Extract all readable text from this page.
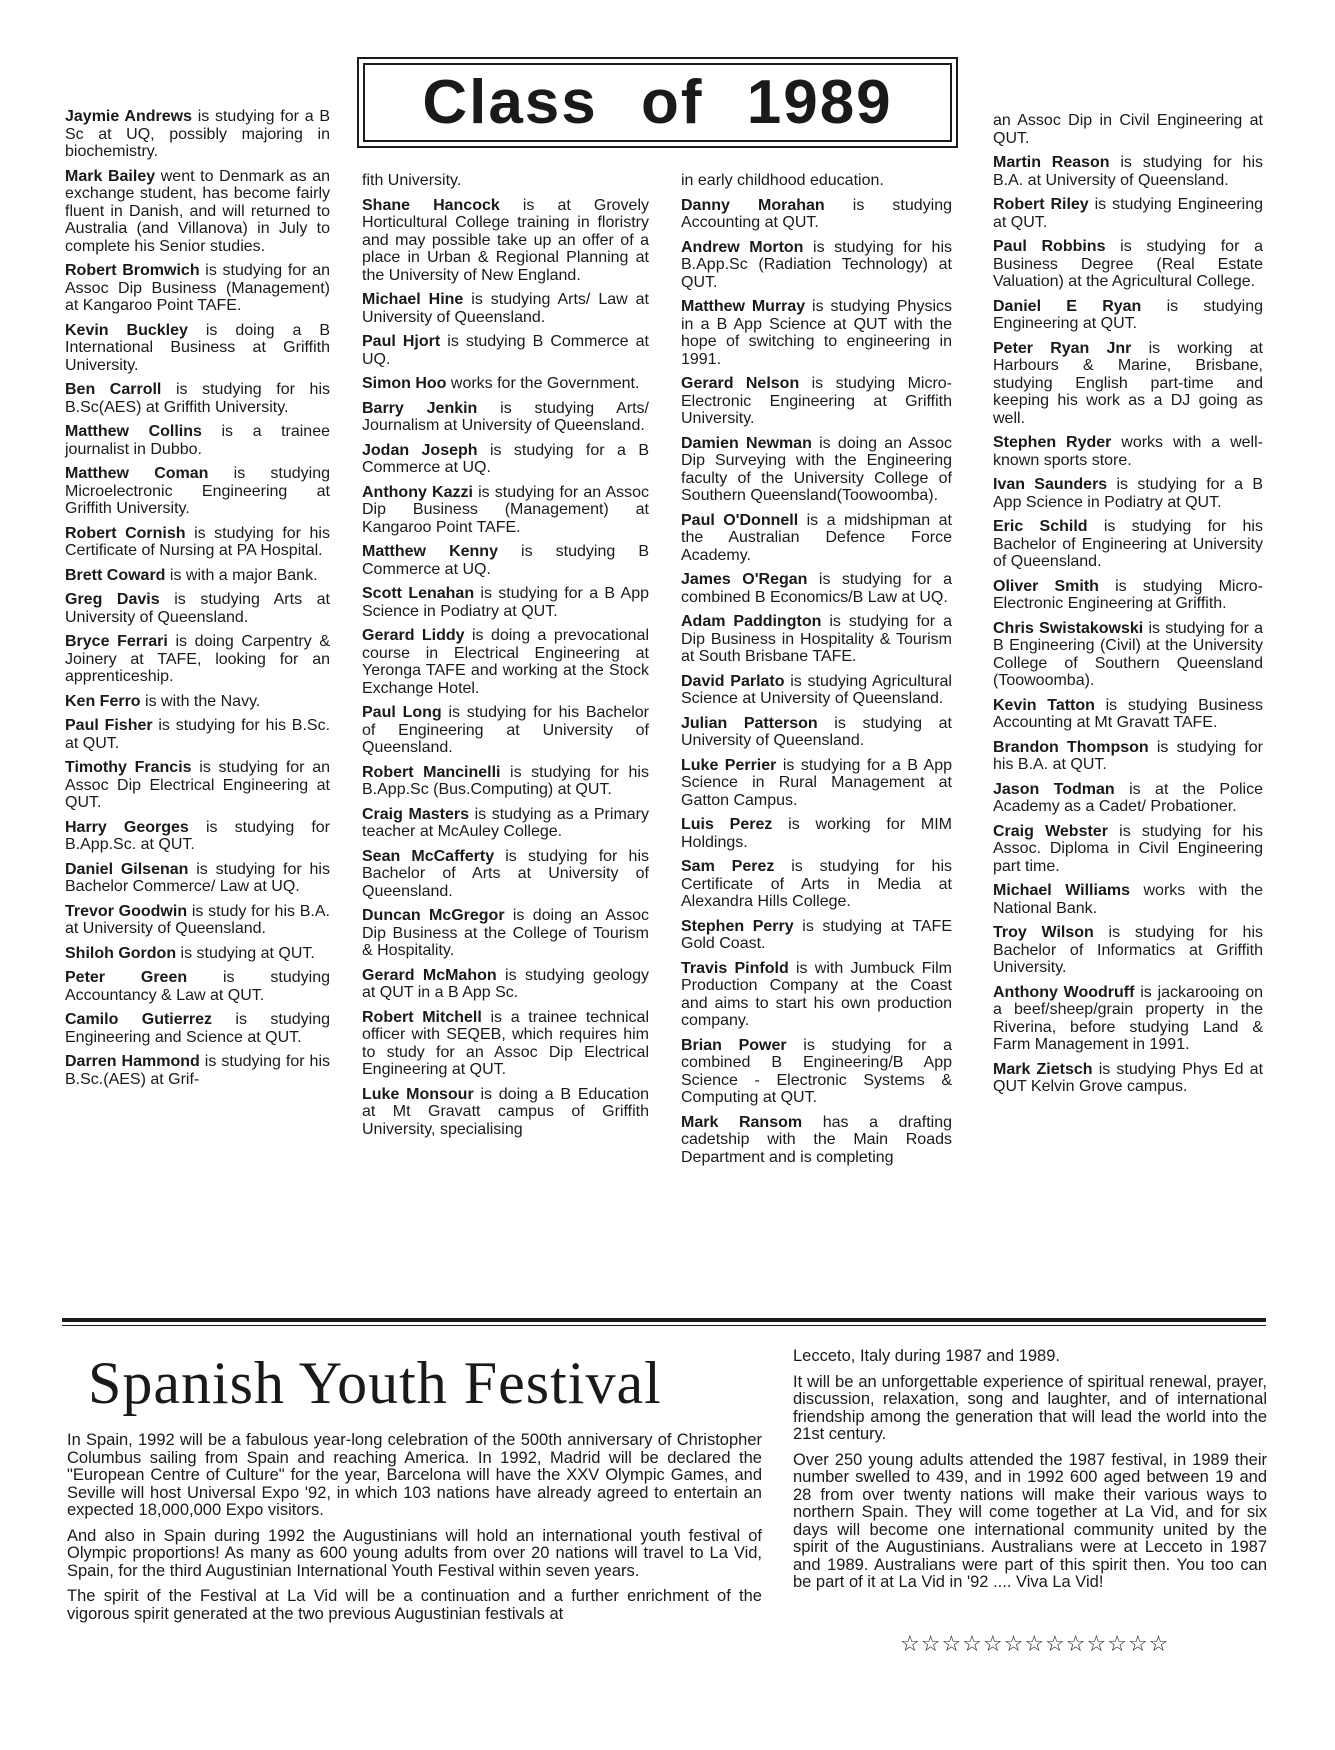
Class of 1989

Jaymie Andrews is studying for a B Sc at UQ, possibly majoring in biochemistry.

Mark Bailey went to Denmark as an exchange student, has become fairly fluent in Danish, and will returned to Australia (and Villanova) in July to complete his Senior studies.

Robert Bromwich is studying for an Assoc Dip Business (Management) at Kangaroo Point TAFE.

Kevin Buckley is doing a B International Business at Griffith University.

Ben Carroll is studying for his B.Sc(AES) at Griffith University.

Matthew Collins is a trainee journalist in Dubbo.

Matthew Coman is studying Microelectronic Engineering at Griffith University.

Robert Cornish is studying for his Certificate of Nursing at PA Hospital.

Brett Coward is with a major Bank.

Greg Davis is studying Arts at University of Queensland.

Bryce Ferrari is doing Carpentry & Joinery at TAFE, looking for an apprenticeship.

Ken Ferro is with the Navy.

Paul Fisher is studying for his B.Sc. at QUT.

Timothy Francis is studying for an Assoc Dip Electrical Engineering at QUT.

Harry Georges is studying for B.App.Sc. at QUT.

Daniel Gilsenan is studying for his Bachelor Commerce/ Law at UQ.

Trevor Goodwin is study for his B.A. at University of Queensland.

Shiloh Gordon is studying at QUT.

Peter Green is studying Accountancy & Law at QUT.

Camilo Gutierrez is studying Engineering and Science at QUT.

Darren Hammond is studying for his B.Sc.(AES) at Grif-

fith University.

Shane Hancock is at Grovely Horticultural College training in floristry and may possible take up an offer of a place in Urban & Regional Planning at the University of New England.

Michael Hine is studying Arts/ Law at University of Queensland.

Paul Hjort is studying B Commerce at UQ.

Simon Hoo works for the Government.

Barry Jenkin is studying Arts/ Journalism at University of Queensland.

Jodan Joseph is studying for a B Commerce at UQ.

Anthony Kazzi is studying for an Assoc Dip Business (Management) at Kangaroo Point TAFE.

Matthew Kenny is studying B Commerce at UQ.

Scott Lenahan is studying for a B App Science in Podiatry at QUT.

Gerard Liddy is doing a prevocational course in Electrical Engineering at Yeronga TAFE and working at the Stock Exchange Hotel.

Paul Long is studying for his Bachelor of Engineering at University of Queensland.

Robert Mancinelli is studying for his B.App.Sc (Bus.Computing) at QUT.

Craig Masters is studying as a Primary teacher at McAuley College.

Sean McCafferty is studying for his Bachelor of Arts at University of Queensland.

Duncan McGregor is doing an Assoc Dip Business at the College of Tourism & Hospitality.

Gerard McMahon is studying geology at QUT in a B App Sc.

Robert Mitchell is a trainee technical officer with SEQEB, which requires him to study for an Assoc Dip Electrical Engineering at QUT.

Luke Monsour is doing a B Education at Mt Gravatt campus of Griffith University, specialising

in early childhood education.

Danny Morahan is studying Accounting at QUT.

Andrew Morton is studying for his B.App.Sc (Radiation Technology) at QUT.

Matthew Murray is studying Physics in a B App Science at QUT with the hope of switching to engineering in 1991.

Gerard Nelson is studying Micro-Electronic Engineering at Griffith University.

Damien Newman is doing an Assoc Dip Surveying with the Engineering faculty of the University College of Southern Queensland(Toowoomba).

Paul O'Donnell is a midshipman at the Australian Defence Force Academy.

James O'Regan is studying for a combined B Economics/B Law at UQ.

Adam Paddington is studying for a Dip Business in Hospitality & Tourism at South Brisbane TAFE.

David Parlato is studying Agricultural Science at University of Queensland.

Julian Patterson is studying at University of Queensland.

Luke Perrier is studying for a B App Science in Rural Management at Gatton Campus.

Luis Perez is working for MIM Holdings.

Sam Perez is studying for his Certificate of Arts in Media at Alexandra Hills College.

Stephen Perry is studying at TAFE Gold Coast.

Travis Pinfold is with Jumbuck Film Production Company at the Coast and aims to start his own production company.

Brian Power is studying for a combined B Engineering/B App Science - Electronic Systems & Computing at QUT.

Mark Ransom has a drafting cadetship with the Main Roads Department and is completing

an Assoc Dip in Civil Engineering at QUT.

Martin Reason is studying for his B.A. at University of Queensland.

Robert Riley is studying Engineering at QUT.

Paul Robbins is studying for a Business Degree (Real Estate Valuation) at the Agricultural College.

Daniel E Ryan is studying Engineering at QUT.

Peter Ryan Jnr is working at Harbours & Marine, Brisbane, studying English part-time and keeping his work as a DJ going as well.

Stephen Ryder works with a well-known sports store.

Ivan Saunders is studying for a B App Science in Podiatry at QUT.

Eric Schild is studying for his Bachelor of Engineering at University of Queensland.

Oliver Smith is studying Micro-Electronic Engineering at Griffith.

Chris Swistakowski is studying for a B Engineering (Civil) at the University College of Southern Queensland (Toowoomba).

Kevin Tatton is studying Business Accounting at Mt Gravatt TAFE.

Brandon Thompson is studying for his B.A. at QUT.

Jason Todman is at the Police Academy as a Cadet/ Probationer.

Craig Webster is studying for his Assoc. Diploma in Civil Engineering part time.

Michael Williams works with the National Bank.

Troy Wilson is studying for his Bachelor of Informatics at Griffith University.

Anthony Woodruff is jackarooing on a beef/sheep/grain property in the Riverina, before studying Land & Farm Management in 1991.

Mark Zietsch is studying Phys Ed at QUT Kelvin Grove campus.

Spanish Youth Festival

In Spain, 1992 will be a fabulous year-long celebration of the 500th anniversary of Christopher Columbus sailing from Spain and reaching America. In 1992, Madrid will be declared the "European Centre of Culture" for the year, Barcelona will have the XXV Olympic Games, and Seville will host Universal Expo '92, in which 103 nations have already agreed to entertain an expected 18,000,000 Expo visitors.

And also in Spain during 1992 the Augustinians will hold an international youth festival of Olympic proportions! As many as 600 young adults from over 20 nations will travel to La Vid, Spain, for the third Augustinian International Youth Festival within seven years.

The spirit of the Festival at La Vid will be a continuation and a further enrichment of the vigorous spirit generated at the two previous Augustinian festivals at

Lecceto, Italy during 1987 and 1989.

It will be an unforgettable experience of spiritual renewal, prayer, discussion, relaxation, song and laughter, and of international friendship among the generation that will lead the world into the 21st century.

Over 250 young adults attended the 1987 festival, in 1989 their number swelled to 439, and in 1992 600 aged between 19 and 28 from over twenty nations will make their various ways to northern Spain. They will come together at La Vid, and for six days will become one international community united by the spirit of the Augustinians. Australians were at Lecceto in 1987 and 1989. Australians were part of this spirit then. You too can be part of it at La Vid in '92 .... Viva La Vid!

☆☆☆☆☆☆☆☆☆☆☆☆☆
